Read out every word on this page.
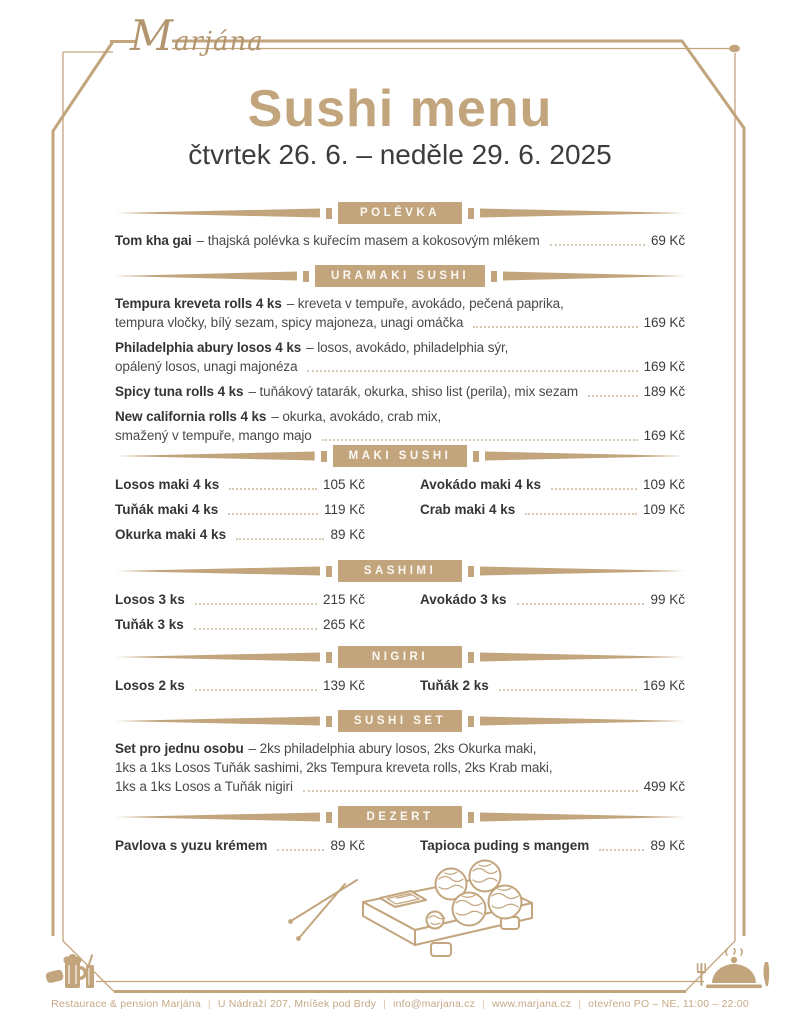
Marjána
Sushi menu
čtvrtek 26. 6. – neděle 29. 6. 2025
POLÉVKA
Tom kha gai – thajská polévka s kuřecím masem a kokosovým mlékem	69 Kč
URAMAKI SUSHI
Tempura kreveta rolls 4 ks – kreveta v tempuře, avokádo, pečená paprika,
tempura vločky, bílý sezam, spicy majoneza, unagi omáčka	169 Kč
Philadelphia abury losos 4 ks – losos, avokádo, philadelphia sýr,
opálený losos, unagi majonéza	169 Kč
Spicy tuna rolls 4 ks – tuňákový tatarák, okurka, shiso list (perila), mix sezam	189 Kč
New california rolls 4 ks – okurka, avokádo, crab mix,
smažený v tempuře, mango majo	169 Kč
MAKI SUSHI
Losos maki 4 ks	105 Kč
Tuňák maki 4 ks	119 Kč
Okurka maki 4 ks	89 Kč
Avokádo maki 4 ks	109 Kč
Crab maki 4 ks	109 Kč
SASHIMI
Losos 3 ks	215 Kč
Tuňák 3 ks	265 Kč
Avokádo 3 ks	99 Kč
NIGIRI
Losos 2 ks	139 Kč	Tuňák 2 ks	169 Kč
SUSHI SET
Set pro jednu osobu – 2ks philadelphia abury losos, 2ks Okurka maki,
1ks a 1ks Losos Tuňák sashimi, 2ks Tempura kreveta rolls, 2ks Krab maki,
1ks a 1ks Losos a Tuňák nigiri	499 Kč
DEZERT
Pavlova s yuzu krémem	89 Kč	Tapioca puding s mangem	89 Kč
Restaurace & pension Marjána | U Nádraží 207, Mníšek pod Brdy | info@marjana.cz | www.marjana.cz | otevřeno PO – NE, 11:00 – 22:00
